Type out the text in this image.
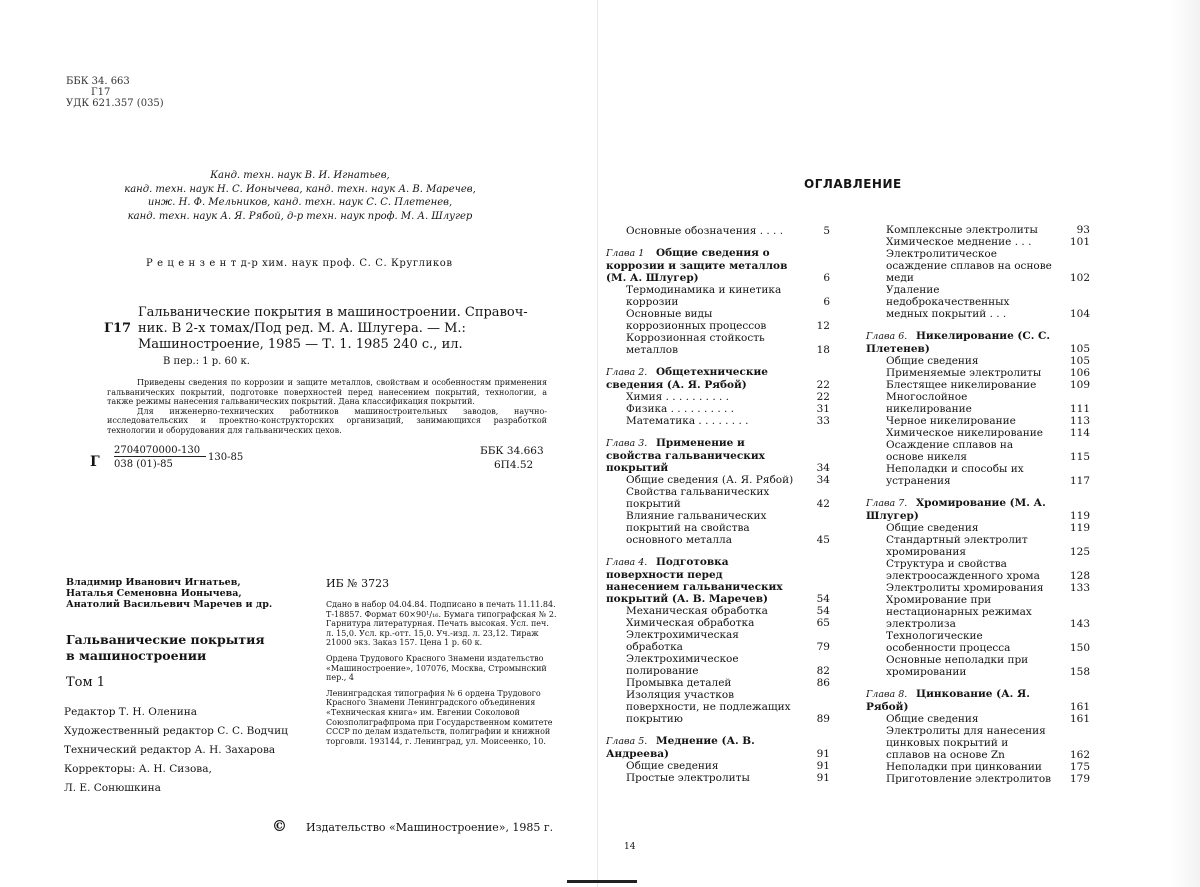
ББК 34. 663
Г17
УДК 621.357 (035)
Канд. техн. наук В. И. Игнатьев,
канд. техн. наук Н. С. Ионычева, канд. техн. наук А. В. Маречев,
инж. Н. Ф. Мельников, канд. техн. наук С. С. Плетенев,
канд. техн. наук А. Я. Рябой, д-р техн. наук проф. М. А. Шлугер
Р е ц е н з е н т д-р хим. наук проф. С. С. Кругликов
Гальванические покрытия в машиностроении. Справоч-
Г17 ник. В 2-х томах/Под ред. М. А. Шлугера. — М.:
Машиностроение, 1985 — Т. 1. 1985 240 с., ил.
В пер.: 1 р. 60 к.

Приведены сведения по коррозии и защите металлов, свойствам и особенностям применения гальванических покрытий, подготовке поверхностей перед нанесением покрытий, технологии, а также режимы нанесения гальванических покрытий. Дана классификация покрытий.

Для инженерно-технических работников машиностроительных заводов, научно-исследовательских и проектно-конструкторских организаций, занимающихся разработкой технологии и оборудования для гальванических цехов.

Г
2704070000-130
038 (01)-85
130-85
ББК 34.663
6П4.52
Владимир Иванович Игнатьев,
Наталья Семеновна Ионычева,
Анатолий Васильевич Маречев и др.
Гальванические покрытия
в машиностроении
Том 1
Редактор Т. Н. Оленина
Художественный редактор С. С. Водчиц
Технический редактор А. Н. Захарова
Корректоры: А. Н. Сизова,
Л. Е. Сонюшкина
ИБ № 3723

Сдано в набор 04.04.84. Подписано в печать 11.11.84. Т-18857. Формат 60×90¹/₁₆. Бумага типографская № 2. Гарнитура литературная. Печать высокая. Усл. печ. л. 15,0. Усл. кр.-отт. 15,0. Уч.-изд. л. 23,12. Тираж 21000 экз. Заказ 157. Цена 1 р. 60 к.

Ордена Трудового Красного Знамени издательство «Машиностроение», 107076, Москва, Стромынский пер., 4

Ленинградская типография № 6 ордена Трудового Красного Знамени Ленинградского объединения «Техническая книга» им. Евгении Соколовой Союзполиграфпрома при Государственном комитете СССР по делам издательств, полиграфии и книжной торговли. 193144, г. Ленинград, ул. Моисеенко, 10.

© Издательство «Машиностроение», 1985 г.
ОГЛАВЛЕНИЕ
Основные обозначения . . . .	5
Глава 1 Общие сведения о коррозии и защите металлов (М. А. Шлугер)	6
Термодинамика и кинетика коррозии	6
Основные виды коррозионных процессов	12
Коррозионная стойкость металлов	18
Глава 2. Общетехнические сведения (А. Я. Рябой)	22
Химия . . . . . . . . . .	22
Физика . . . . . . . . . .	31
Математика . . . . . . . .	33
Глава 3. Применение и свойства гальванических покрытий	34
Общие сведения (А. Я. Рябой)	34
Свойства гальванических покрытий	42
Влияние гальванических покрытий на свойства основного металла	45
Глава 4. Подготовка поверхности перед нанесением гальванических покрытий (А. В. Маречев)	54
Механическая обработка	54
Химическая обработка	65
Электрохимическая обработка	79
Электрохимическое полирование	82
Промывка деталей	86
Изоляция участков поверхности, не подлежащих покрытию	89
Глава 5. Меднение (А. В. Андреева)	91
Общие сведения	91
Простые электролиты	91
Комплексные электролиты	93
Химическое меднение . . .	101
Электролитическое осаждение сплавов на основе меди	102
Удаление недоброкачественных медных покрытий . . .	104
Глава 6. Никелирование (С. С. Плетенев)	105
Общие сведения	105
Применяемые электролиты	106
Блестящее никелирование	109
Многослойное никелирование	111
Черное никелирование	113
Химическое никелирование	114
Осаждение сплавов на основе никеля	115
Неполадки и способы их устранения	117
Глава 7. Хромирование (М. А. Шлугер)	119
Общие сведения	119
Стандартный электролит хромирования	125
Структура и свойства электроосажденного хрома	128
Электролиты хромирования	133
Хромирование при нестационарных режимах электролиза	143
Технологические особенности процесса	150
Основные неполадки при хромировании	158
Глава 8. Цинкование (А. Я. Рябой)	161
Общие сведения	161
Электролиты для нанесения цинковых покрытий и сплавов на основе Zn	162
Неполадки при цинковании	175
Приготовление электролитов	179
14
